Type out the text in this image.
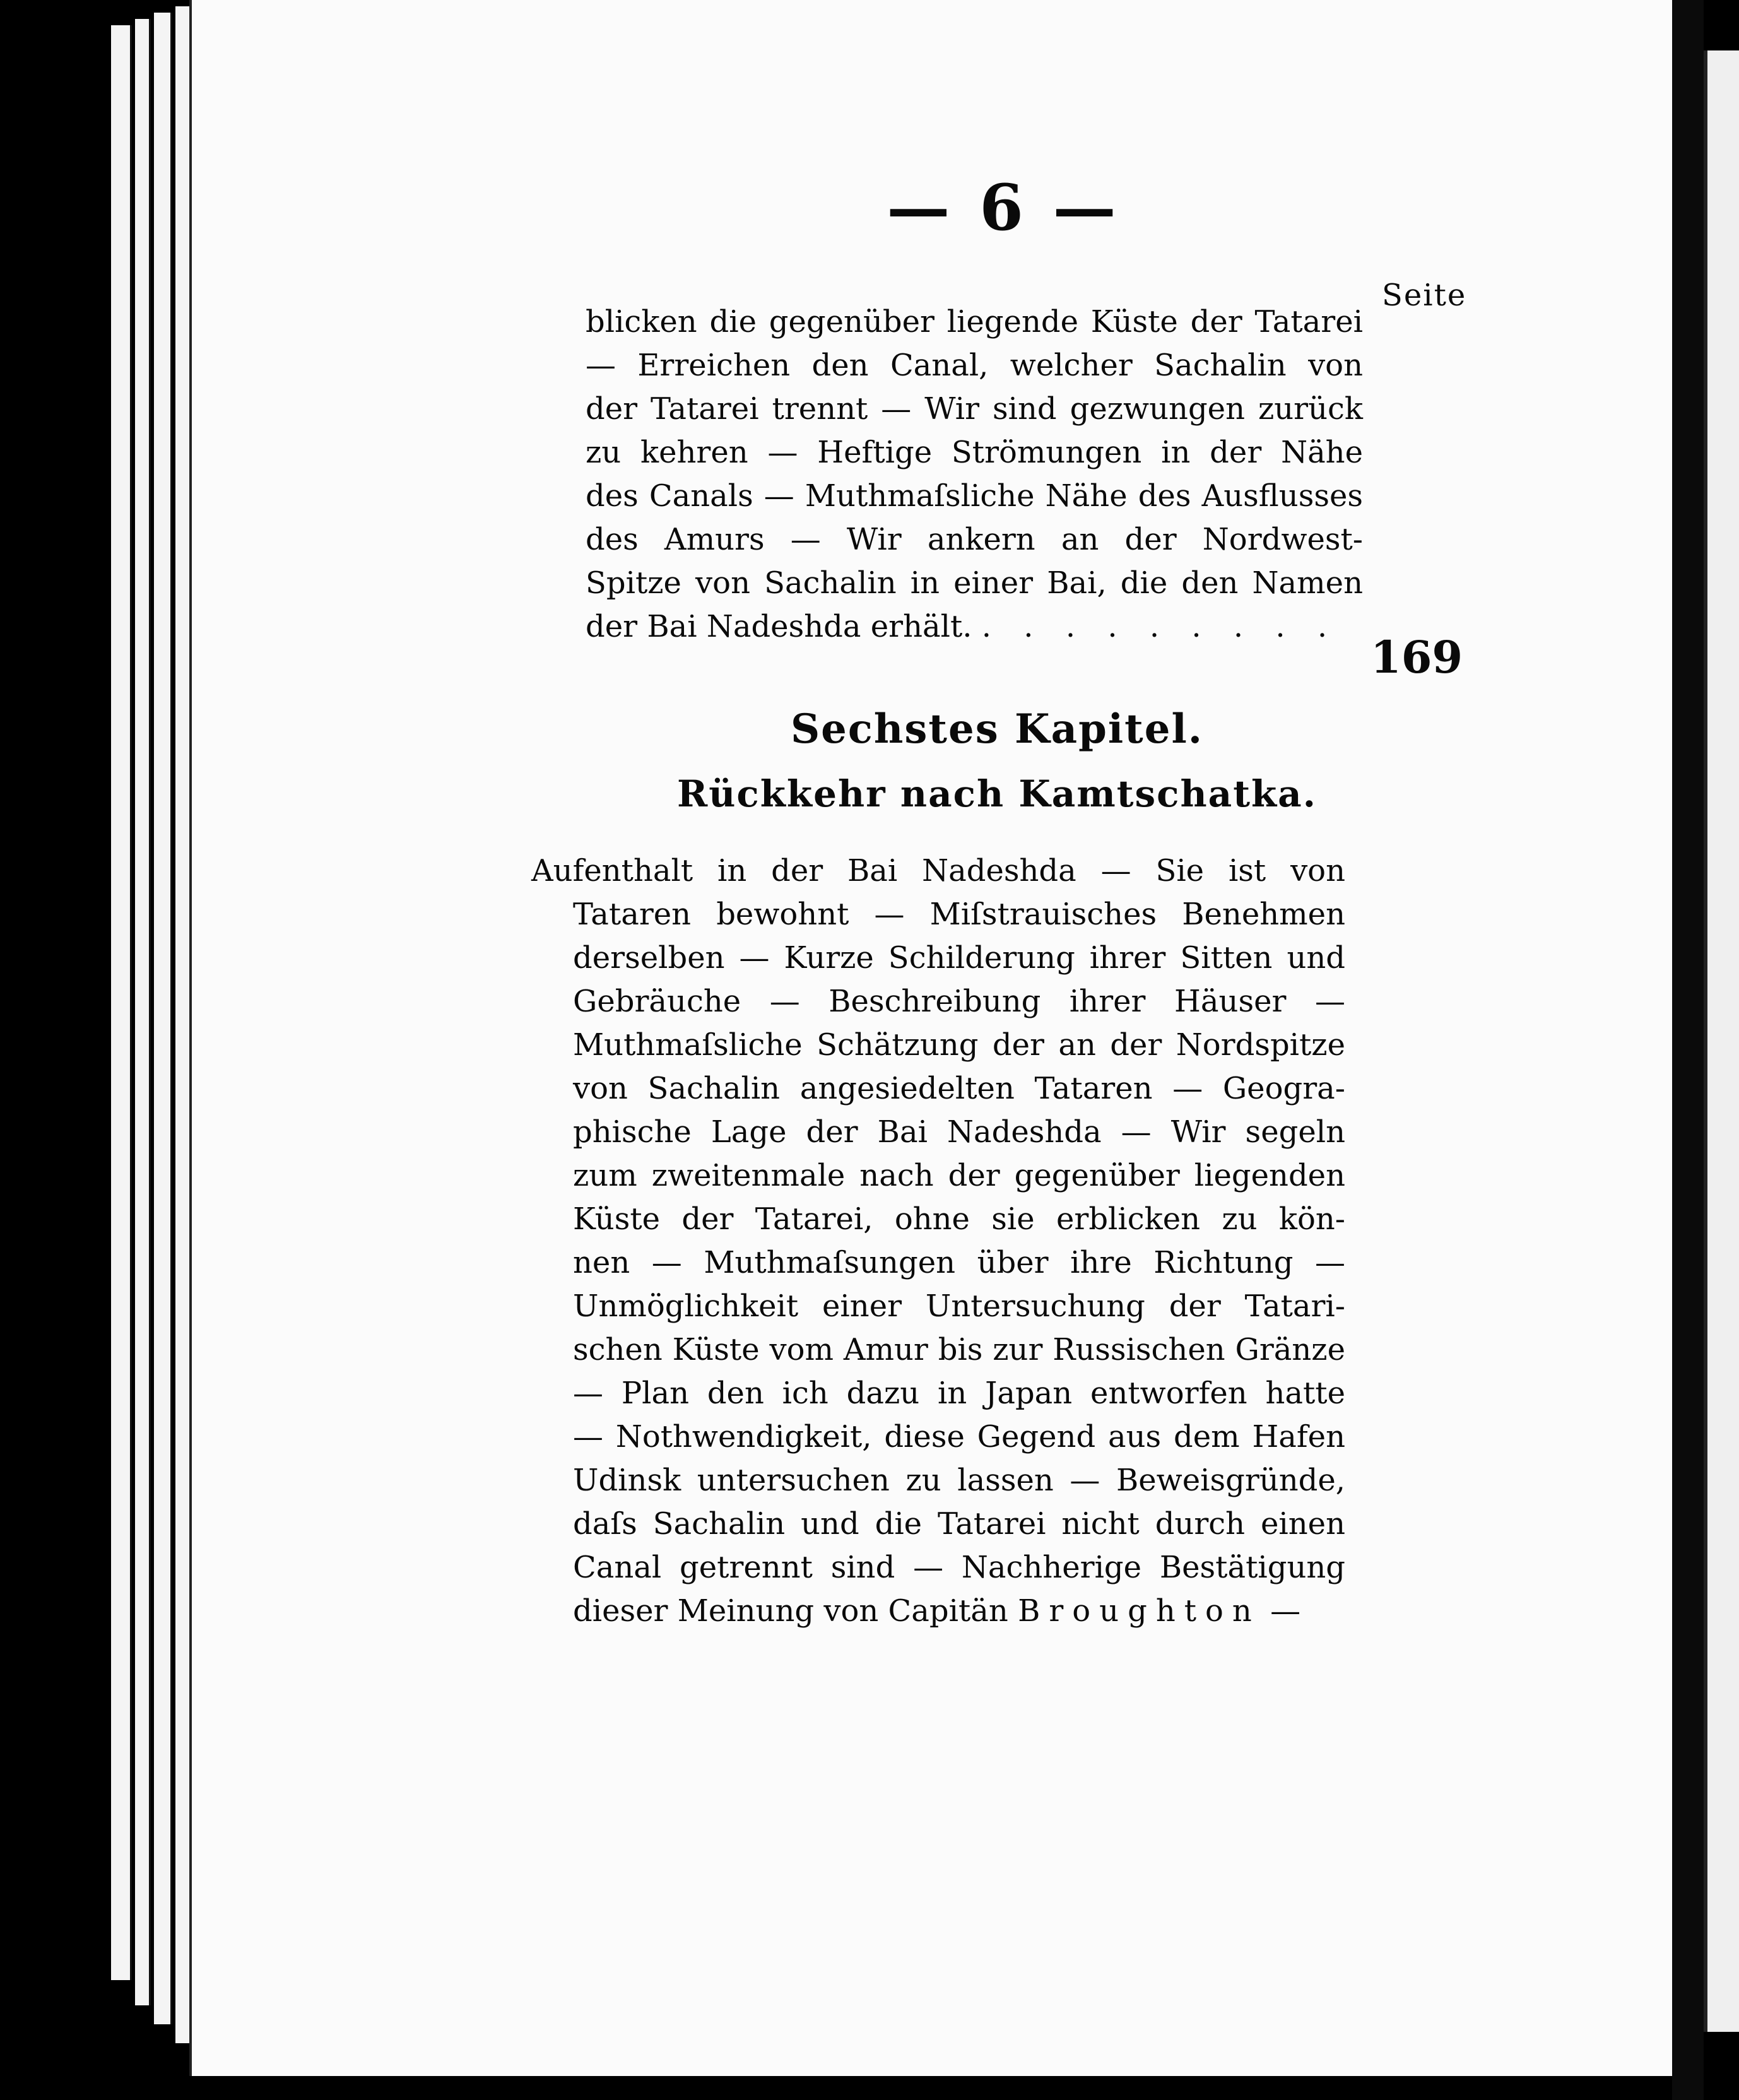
— 6 —
Seite
blicken die gegenüber liegende Küste der Tatarei
— Erreichen den Canal, welcher Sachalin von
der Tatarei trennt — Wir sind gezwungen zurück
zu kehren — Heftige Strömungen in der Nähe
des Canals — Muthmaſsliche Nähe des Ausflusses
des Amurs — Wir ankern an der Nordwest-
Spitze von Sachalin in einer Bai, die den Namen
der Bai Nadeshda erhält. . . . . . . . . .
169
Sechstes Kapitel.
Rückkehr nach Kamtschatka.
Aufenthalt in der Bai Nadeshda — Sie ist von
Tataren bewohnt — Miſstrauisches Benehmen
derselben — Kurze Schilderung ihrer Sitten und
Gebräuche — Beschreibung ihrer Häuser —
Muthmaſsliche Schätzung der an der Nordspitze
von Sachalin angesiedelten Tataren — Geogra-
phische Lage der Bai Nadeshda — Wir segeln
zum zweitenmale nach der gegenüber liegenden
Küste der Tatarei, ohne sie erblicken zu kön-
nen — Muthmaſsungen über ihre Richtung —
Unmöglichkeit einer Untersuchung der Tatari-
schen Küste vom Amur bis zur Russischen Gränze
— Plan den ich dazu in Japan entworfen hatte
— Nothwendigkeit, diese Gegend aus dem Hafen
Udinsk untersuchen zu lassen — Beweisgründe,
daſs Sachalin und die Tatarei nicht durch einen
Canal getrennt sind — Nachherige Bestätigung
dieser Meinung von Capitän Broughton —
